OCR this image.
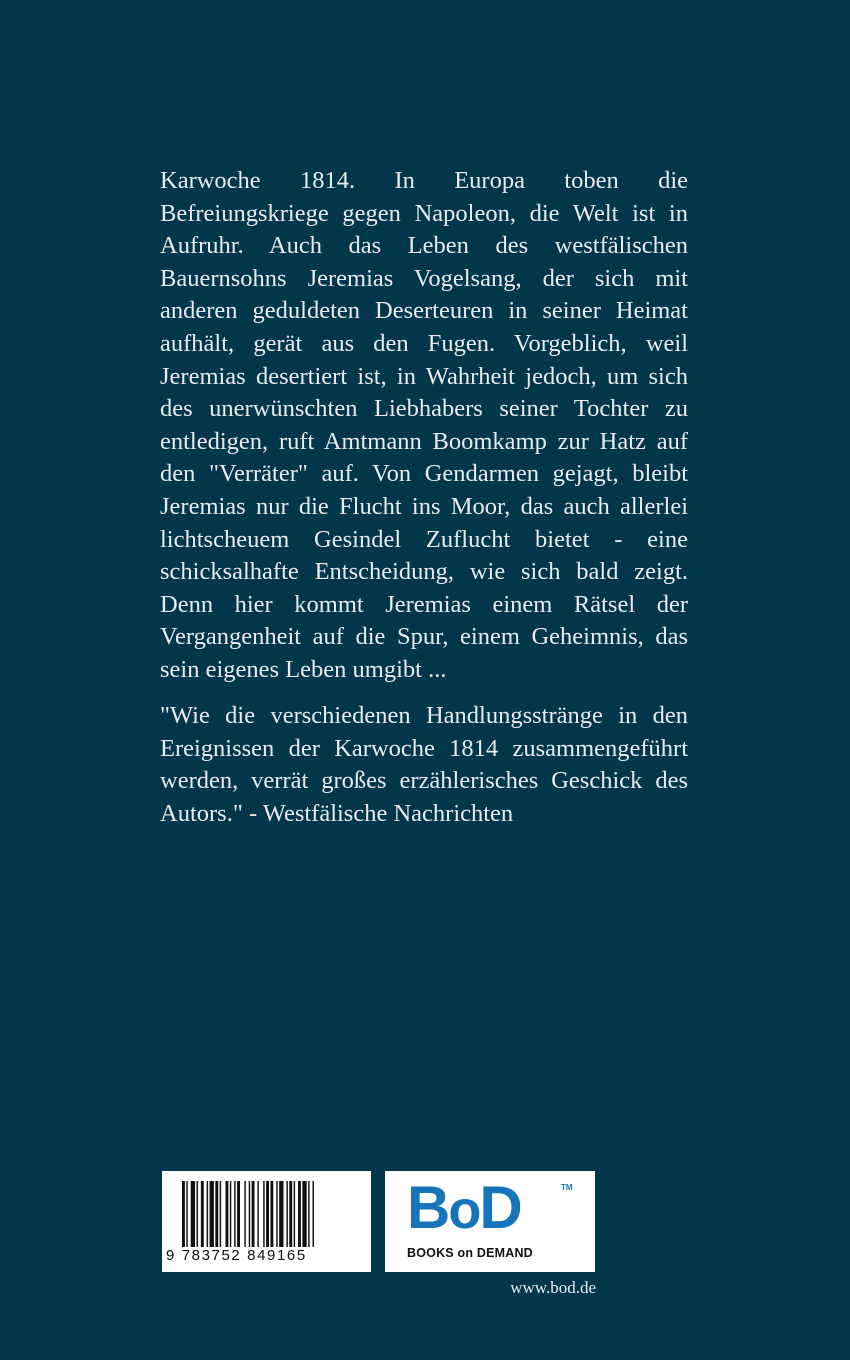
Karwoche 1814. In Europa toben die Befreiungskriege gegen Napoleon, die Welt ist in Aufruhr. Auch das Leben des westfälischen Bauernsohns Jeremias Vogelsang, der sich mit anderen geduldeten Deserteuren in seiner Heimat aufhält, gerät aus den Fugen. Vorgeblich, weil Jeremias desertiert ist, in Wahrheit jedoch, um sich des unerwünschten Liebhabers seiner Tochter zu entledigen, ruft Amtmann Boomkamp zur Hatz auf den "Verräter" auf. Von Gendarmen gejagt, bleibt Jeremias nur die Flucht ins Moor, das auch allerlei lichtscheuem Gesindel Zuflucht bietet - eine schicksalhafte Entscheidung, wie sich bald zeigt. Denn hier kommt Jeremias einem Rätsel der Vergangenheit auf die Spur, einem Geheimnis, das sein eigenes Leben umgibt ...

"Wie die verschiedenen Handlungsstränge in den Ereignissen der Karwoche 1814 zusammengeführt werden, verrät großes erzählerisches Geschick des Autors." - Westfälische Nachrichten

9 783752 849165
BoD	TM
BOOKS on DEMAND
www.bod.de
